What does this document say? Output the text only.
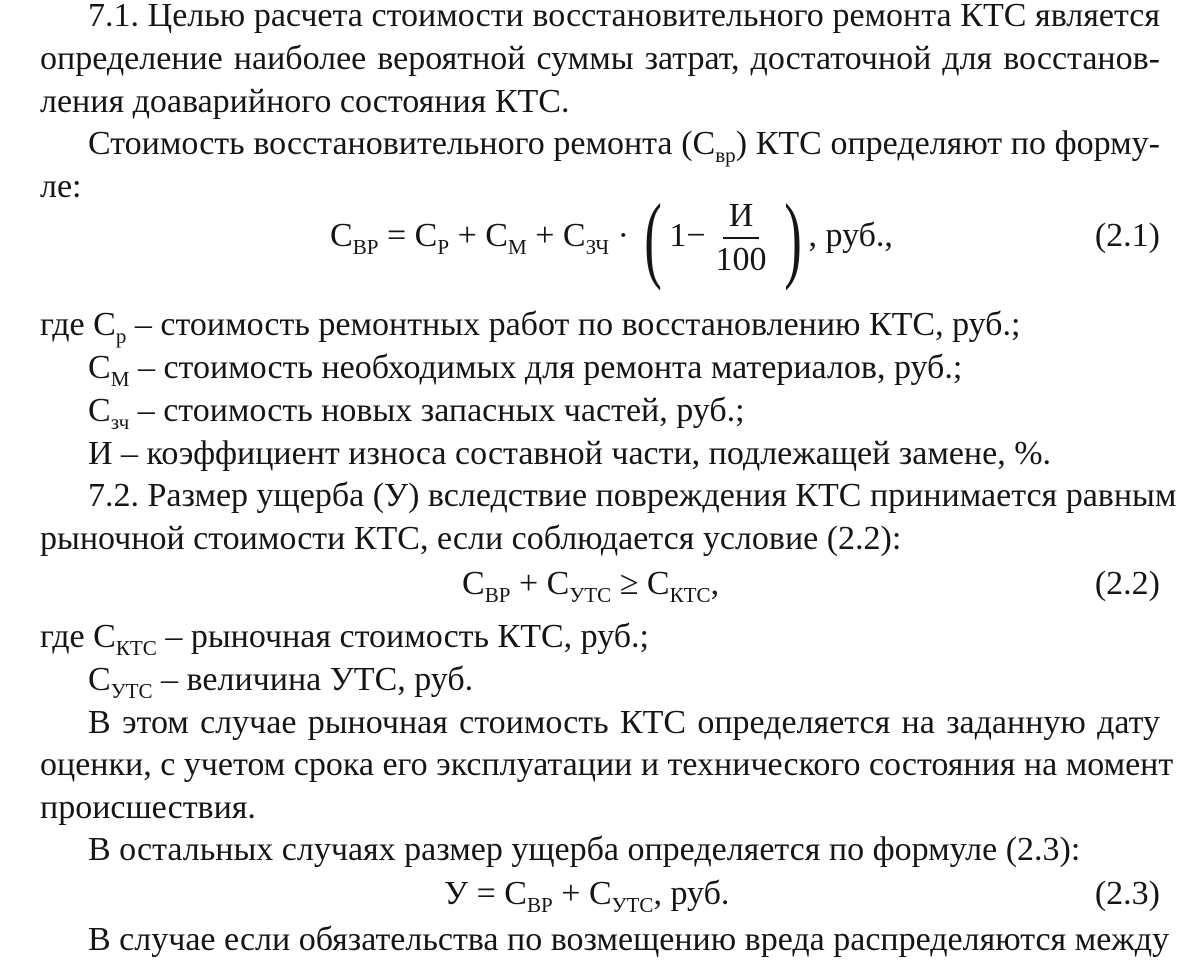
7.1. Целью расчета стоимости восстановительного ремонта КТС является
определение наиболее вероятной суммы затрат, достаточной для восстанов-
ления доаварийного состояния КТС.
Стоимость восстановительного ремонта $(С_{вр})$ КТС определяют по форму-
ле:
$С_{ВР} = С_Р + С_М + С_{ЗЧ}$ · ( $1- \frac{И}{100}$ ) , руб.,	(2.1)
где $С_р$ – стоимость ремонтных работ по восстановлению КТС, руб.;
$С_М$ – стоимость необходимых для ремонта материалов, руб.;
$С_{зч}$ – стоимость новых запасных частей, руб.;
И – коэффициент износа составной части, подлежащей замене, %.
7.2. Размер ущерба (У) вследствие повреждения КТС принимается равным
рыночной стоимости КТС, если соблюдается условие (2.2):
$С_{ВР} + С_{УТС} \ge С_{КТС}$,	(2.2)
где $С_{КТС}$ – рыночная стоимость КТС, руб.;
$С_{УТС}$ – величина УТС, руб.
В этом случае рыночная стоимость КТС определяется на заданную дату
оценки, с учетом срока его эксплуатации и технического состояния на момент
происшествия.
В остальных случаях размер ущерба определяется по формуле (2.3):
$У = С_{ВР} + С_{УТС}$, руб.	(2.3)
В случае если обязательства по возмещению вреда распределяются между
